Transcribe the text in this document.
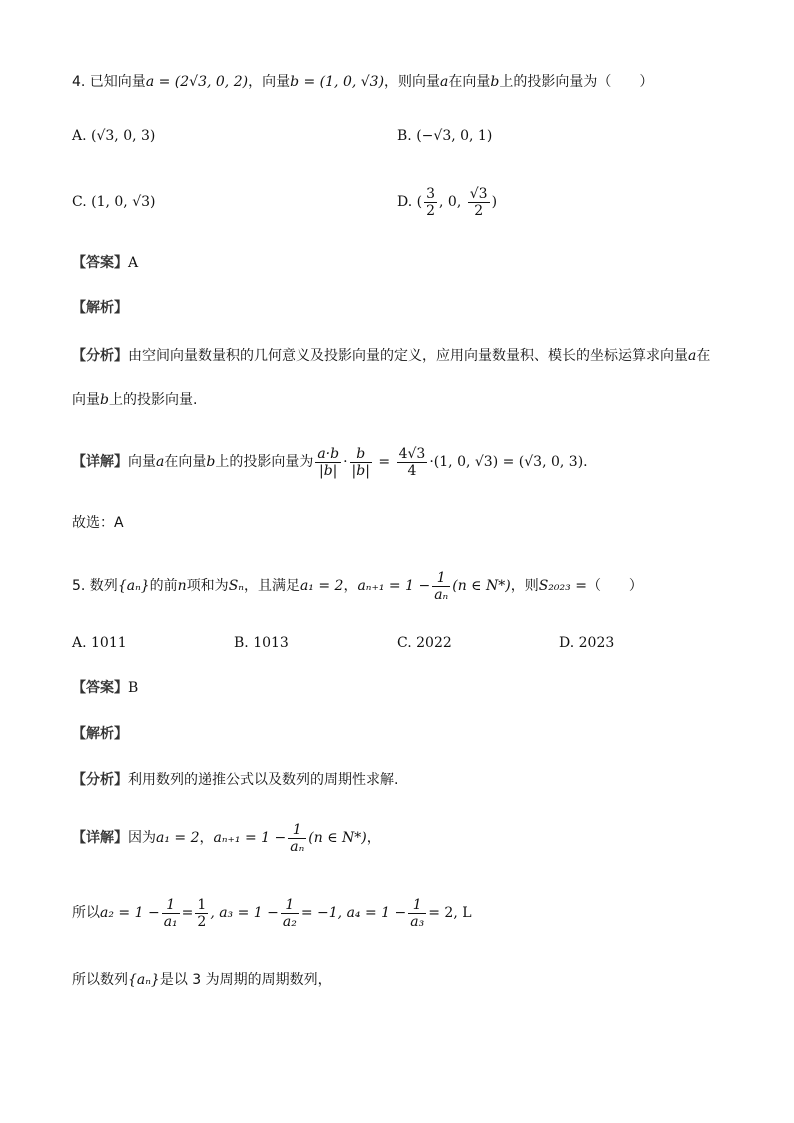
4. 已知向量a = (2√3, 0, 2)，向量b = (1, 0, √3)，则向量a在向量b上的投影向量为（　　）
A. (√3, 0, 3)	B. (−√3, 0, 1)
C. (1, 0, √3)	D. ( $\frac{3}{2}$ , 0, $\frac{√3}{2}$ )
【答案】A
【解析】
【分析】由空间向量数量积的几何意义及投影向量的定义，应用向量数量积、模长的坐标运算求向量a在
向量b上的投影向量.
【详解】向量a在向量b上的投影向量为 $\frac{a\cdot b}{|b|} \cdot \frac{b}{|b|} = \frac{4√3}{4} \cdot(1$, 0, √3) = (√3, 0, 3).
故选：A
5. 数列{aₙ}的前n项和为Sₙ，且满足a₁ = 2，$a_{n+1} = 1 - \frac{1}{\text{aₙ}} (n$ ∈ N*)，则S₂₀₂₃ =（　　）
A. 1011	B. 1013	C. 2022	D. 2023
【答案】B
【解析】
【分析】利用数列的递推公式以及数列的周期性求解.
【详解】因为a₁ = 2，$a_{n+1} = 1 - \frac{1}{\text{aₙ}} (n$ ∈ N*)，
所以$a_2 = 1 - \frac{1}{\text{a₁}} = \frac{1}{2}$ , $a_3 = 1 - \frac{1}{\text{a₂}} = -1$, $a_4 = 1 - \frac{1}{\text{a₃}} = 2$, L
所以数列{aₙ}是以 3 为周期的周期数列，
